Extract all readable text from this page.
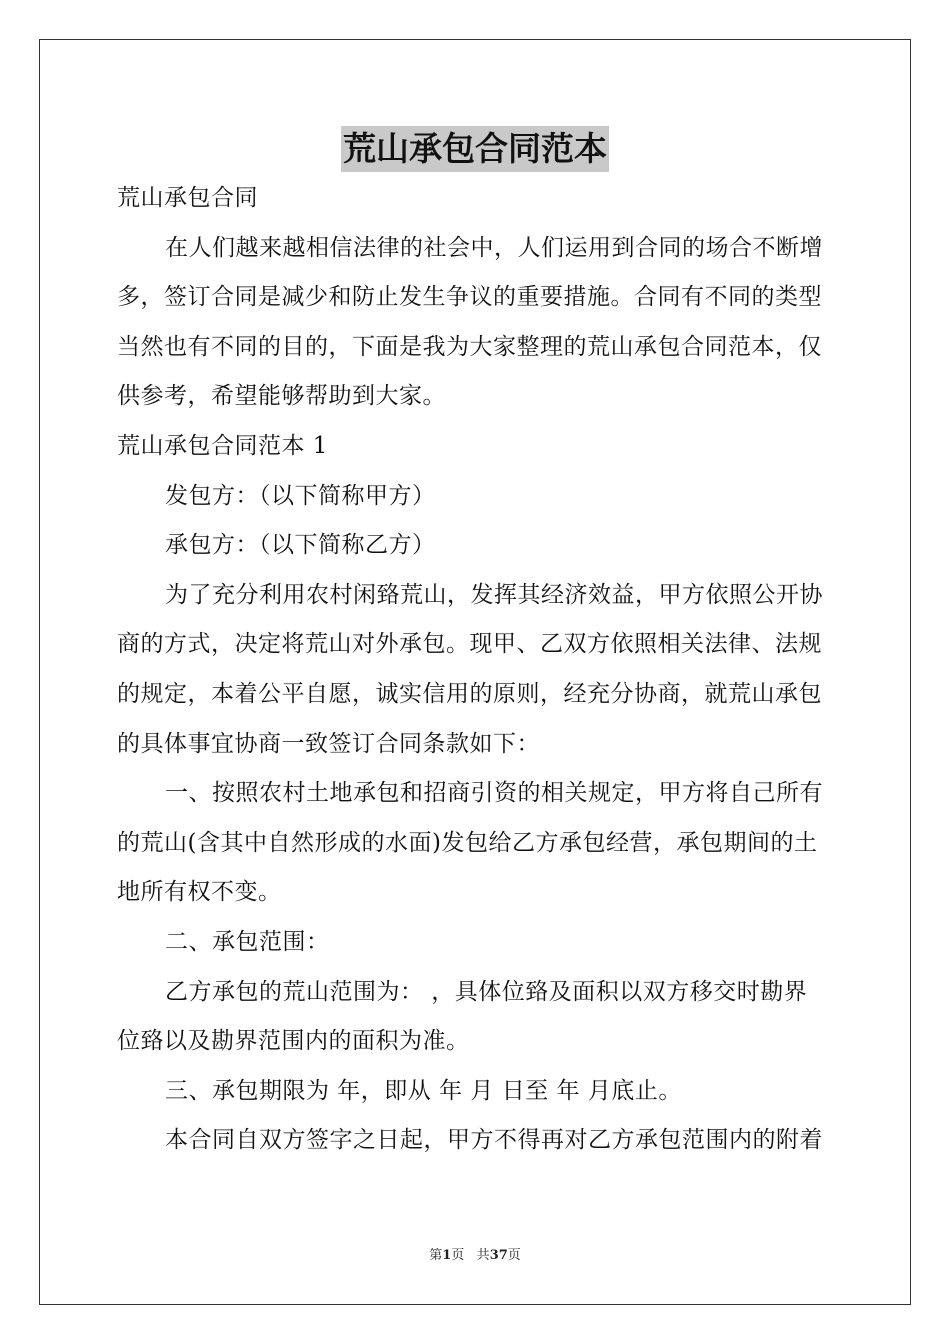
荒山承包合同范本
荒山承包合同
在人们越来越相信法律的社会中，人们运用到合同的场合不断增
多，签订合同是减少和防止发生争议的重要措施。合同有不同的类型
当然也有不同的目的，下面是我为大家整理的荒山承包合同范本，仅
供参考，希望能够帮助到大家。
荒山承包合同范本 1
发包方：（以下简称甲方）
承包方：（以下简称乙方）
为了充分利用农村闲臵荒山，发挥其经济效益，甲方依照公开协
商的方式，决定将荒山对外承包。现甲、乙双方依照相关法律、法规
的规定，本着公平自愿，诚实信用的原则，经充分协商，就荒山承包
的具体事宜协商一致签订合同条款如下：
一、按照农村土地承包和招商引资的相关规定，甲方将自己所有
的荒山(含其中自然形成的水面)发包给乙方承包经营，承包期间的土
地所有权不变。
二、承包范围：
乙方承包的荒山范围为： ，具体位臵及面积以双方移交时勘界
位臵以及勘界范围内的面积为准。
三、承包期限为 年，即从 年 月 日至 年 月底止。
本合同自双方签字之日起，甲方不得再对乙方承包范围内的附着
第1页 共37页
